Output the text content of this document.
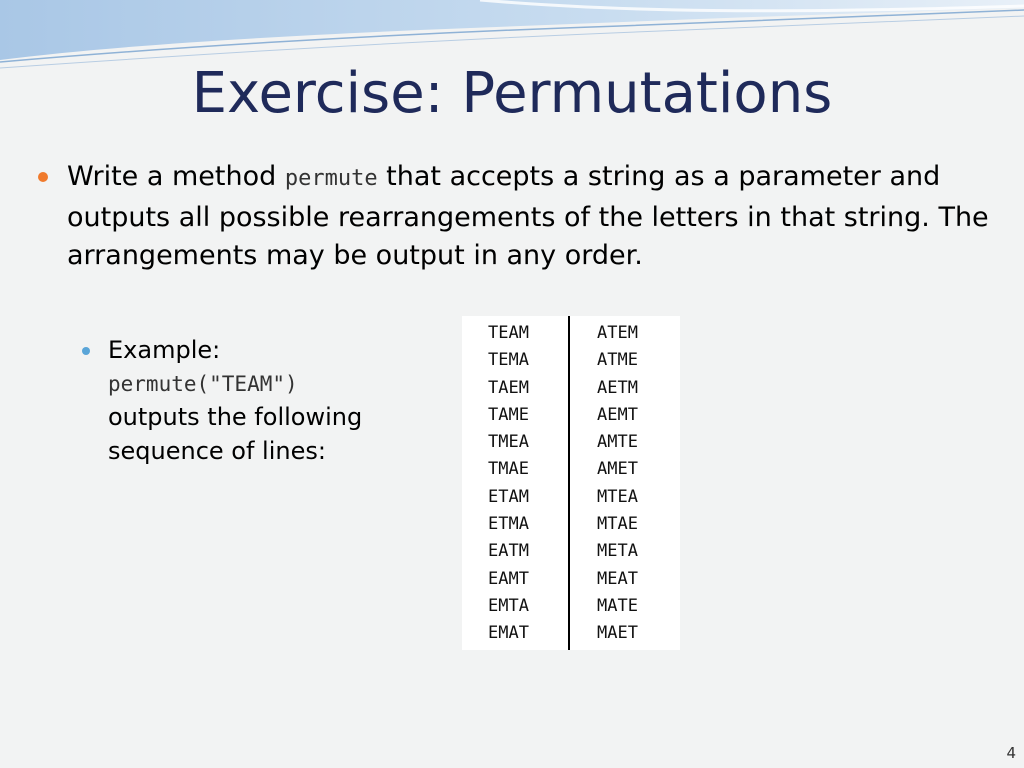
Exercise: Permutations
Write a method permute that accepts a string as a parameter and outputs all possible rearrangements of the letters in that string. The arrangements may be output in any order.
Example:
permute("TEAM")
outputs the following
sequence of lines:
TEAM
TEMA
TAEM
TAME
TMEA
TMAE
ETAM
ETMA
EATM
EAMT
EMTA
EMAT
ATEM
ATME
AETM
AEMT
AMTE
AMET
MTEA
MTAE
META
MEAT
MATE
MAET
4
